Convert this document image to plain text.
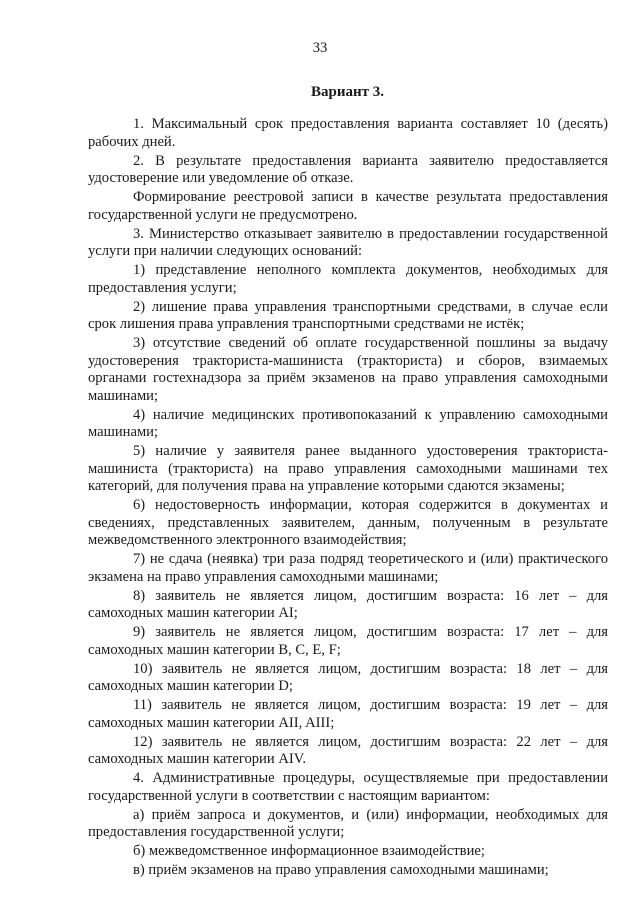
33
Вариант 3.

1. Максимальный срок предоставления варианта составляет 10 (десять) рабочих дней.

2. В результате предоставления варианта заявителю предоставляется удостоверение или уведомление об отказе.

Формирование реестровой записи в качестве результата предоставления государственной услуги не предусмотрено.

3. Министерство отказывает заявителю в предоставлении государственной услуги при наличии следующих оснований:

1) представление неполного комплекта документов, необходимых для предоставления услуги;

2) лишение права управления транспортными средствами, в случае если срок лишения права управления транспортными средствами не истёк;

3) отсутствие сведений об оплате государственной пошлины за выдачу удостоверения тракториста-машиниста (тракториста) и сборов, взимаемых органами гостехнадзора за приём экзаменов на право управления самоходными машинами;

4) наличие медицинских противопоказаний к управлению самоходными машинами;

5) наличие у заявителя ранее выданного удостоверения тракториста-машиниста (тракториста) на право управления самоходными машинами тех категорий, для получения права на управление которыми сдаются экзамены;

6) недостоверность информации, которая содержится в документах и сведениях, представленных заявителем, данным, полученным в результате межведомственного электронного взаимодействия;

7) не сдача (неявка) три раза подряд теоретического и (или) практического экзамена на право управления самоходными машинами;

8) заявитель не является лицом, достигшим возраста: 16 лет – для самоходных машин категории AI;

9) заявитель не является лицом, достигшим возраста: 17 лет – для самоходных машин категории B, C, E, F;

10) заявитель не является лицом, достигшим возраста: 18 лет – для самоходных машин категории D;

11) заявитель не является лицом, достигшим возраста: 19 лет – для самоходных машин категории AII, AIII;

12) заявитель не является лицом, достигшим возраста: 22 лет – для самоходных машин категории AIV.

4. Административные процедуры, осуществляемые при предоставлении государственной услуги в соответствии с настоящим вариантом:

а) приём запроса и документов, и (или) информации, необходимых для предоставления государственной услуги;

б) межведомственное информационное взаимодействие;

в) приём экзаменов на право управления самоходными машинами;
